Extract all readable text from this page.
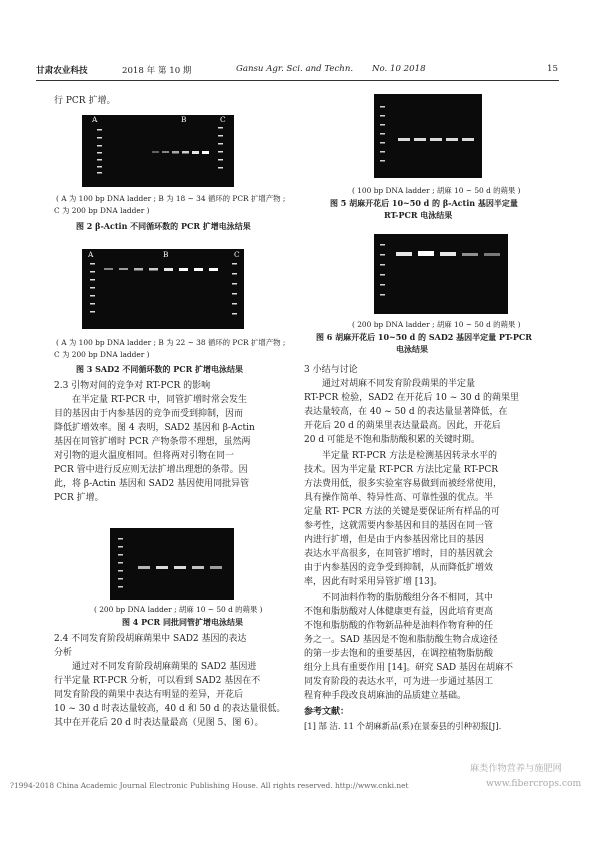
甘肃农业科技	2018 年 第 10 期	Gansu Agr. Sci. and Techn. No. 10 2018	15
行 PCR 扩增。
A	B	C
( A 为 100 bp DNA ladder ; B 为 18 ~ 34 循环的 PCR 扩增产物 ;
C 为 200 bp DNA ladder )
图 2 β-Actin 不同循环数的 PCR 扩增电泳结果
A	B	C
( A 为 100 bp DNA ladder ; B 为 22 ~ 38 循环的 PCR 扩增产物 ;
C 为 200 bp DNA ladder )
图 3 SAD2 不同循环数的 PCR 扩增电泳结果
2.3 引物对间的竞争对 RT-PCR 的影响
在半定量 RT-PCR 中，同管扩增时常会发生
目的基因由于内参基因的竞争而受到抑制，因而
降低扩增效率。图 4 表明，SAD2 基因和 β-Actin
基因在同管扩增时 PCR 产物条带不理想，虽然两
对引物的退火温度相同。但将两对引物在同一
PCR 管中进行反应则无法扩增出理想的条带。因
此，将 β-Actin 基因和 SAD2 基因使用同批异管
PCR 扩增。
( 200 bp DNA ladder ; 胡麻 10 ~ 50 d 的蒴果 )
图 4 PCR 同批同管扩增电泳结果
2.4 不同发育阶段胡麻蒴果中 SAD2 基因的表达
分析
通过对不同发育阶段胡麻蒴果的 SAD2 基因进
行半定量 RT-PCR 分析，可以看到 SAD2 基因在不
同发育阶段的蒴果中表达有明显的差异，开花后
10 ~ 30 d 时表达量较高，40 d 和 50 d 的表达量很低。
其中在开花后 20 d 时表达量最高（见图 5、图 6）。
( 100 bp DNA ladder ; 胡麻 10 ~ 50 d 的蒴果 )
图 5 胡麻开花后 10~50 d 的 β-Actin 基因半定量
RT-PCR 电泳结果
( 200 bp DNA ladder ; 胡麻 10 ~ 50 d 的蒴果 )
图 6 胡麻开花后 10~50 d 的 SAD2 基因半定量 PT-PCR
电泳结果
3 小结与讨论
通过对胡麻不同发育阶段蒴果的半定量
RT-PCR 检验，SAD2 在开花后 10 ~ 30 d 的蒴果里
表达量较高，在 40 ~ 50 d 的表达量显著降低，在
开花后 20 d 的蒴果里表达量最高。因此，开花后
20 d 可能是不饱和脂肪酸积累的关键时期。
半定量 RT-PCR 方法是检测基因转录水平的
技术。因为半定量 RT-PCR 方法比定量 RT-PCR
方法费用低，很多实验室容易做到而被经常使用，
具有操作简单、特异性高、可靠性强的优点。半
定量 RT- PCR 方法的关键是要保证所有样品的可
参考性，这就需要内参基因和目的基因在同一管
内进行扩增，但是由于内参基因常比目的基因
表达水平高很多，在同管扩增时，目的基因就会
由于内参基因的竞争受到抑制，从而降低扩增效
率，因此有时采用异管扩增 [13]。
不同油料作物的脂肪酸组分各不相同，其中
不饱和脂肪酸对人体健康更有益，因此培育更高
不饱和脂肪酸的作物新品种是油料作物育种的任
务之一。SAD 基因是不饱和脂肪酸生物合成途径
的第一步去饱和的重要基因，在调控植物脂肪酸
组分上具有重要作用 [14]。研究 SAD 基因在胡麻不
同发育阶段的表达水平，可为进一步通过基因工
程育种手段改良胡麻油的品质建立基础。
参考文献：
[1] 郜 洁. 11 个胡麻新品(系)在景泰县的引种初报[J].
麻类作物营养与施肥网
?1994-2018 China Academic Journal Electronic Publishing House. All rights reserved. http://www.cnki.net	www.fibercrops.com
